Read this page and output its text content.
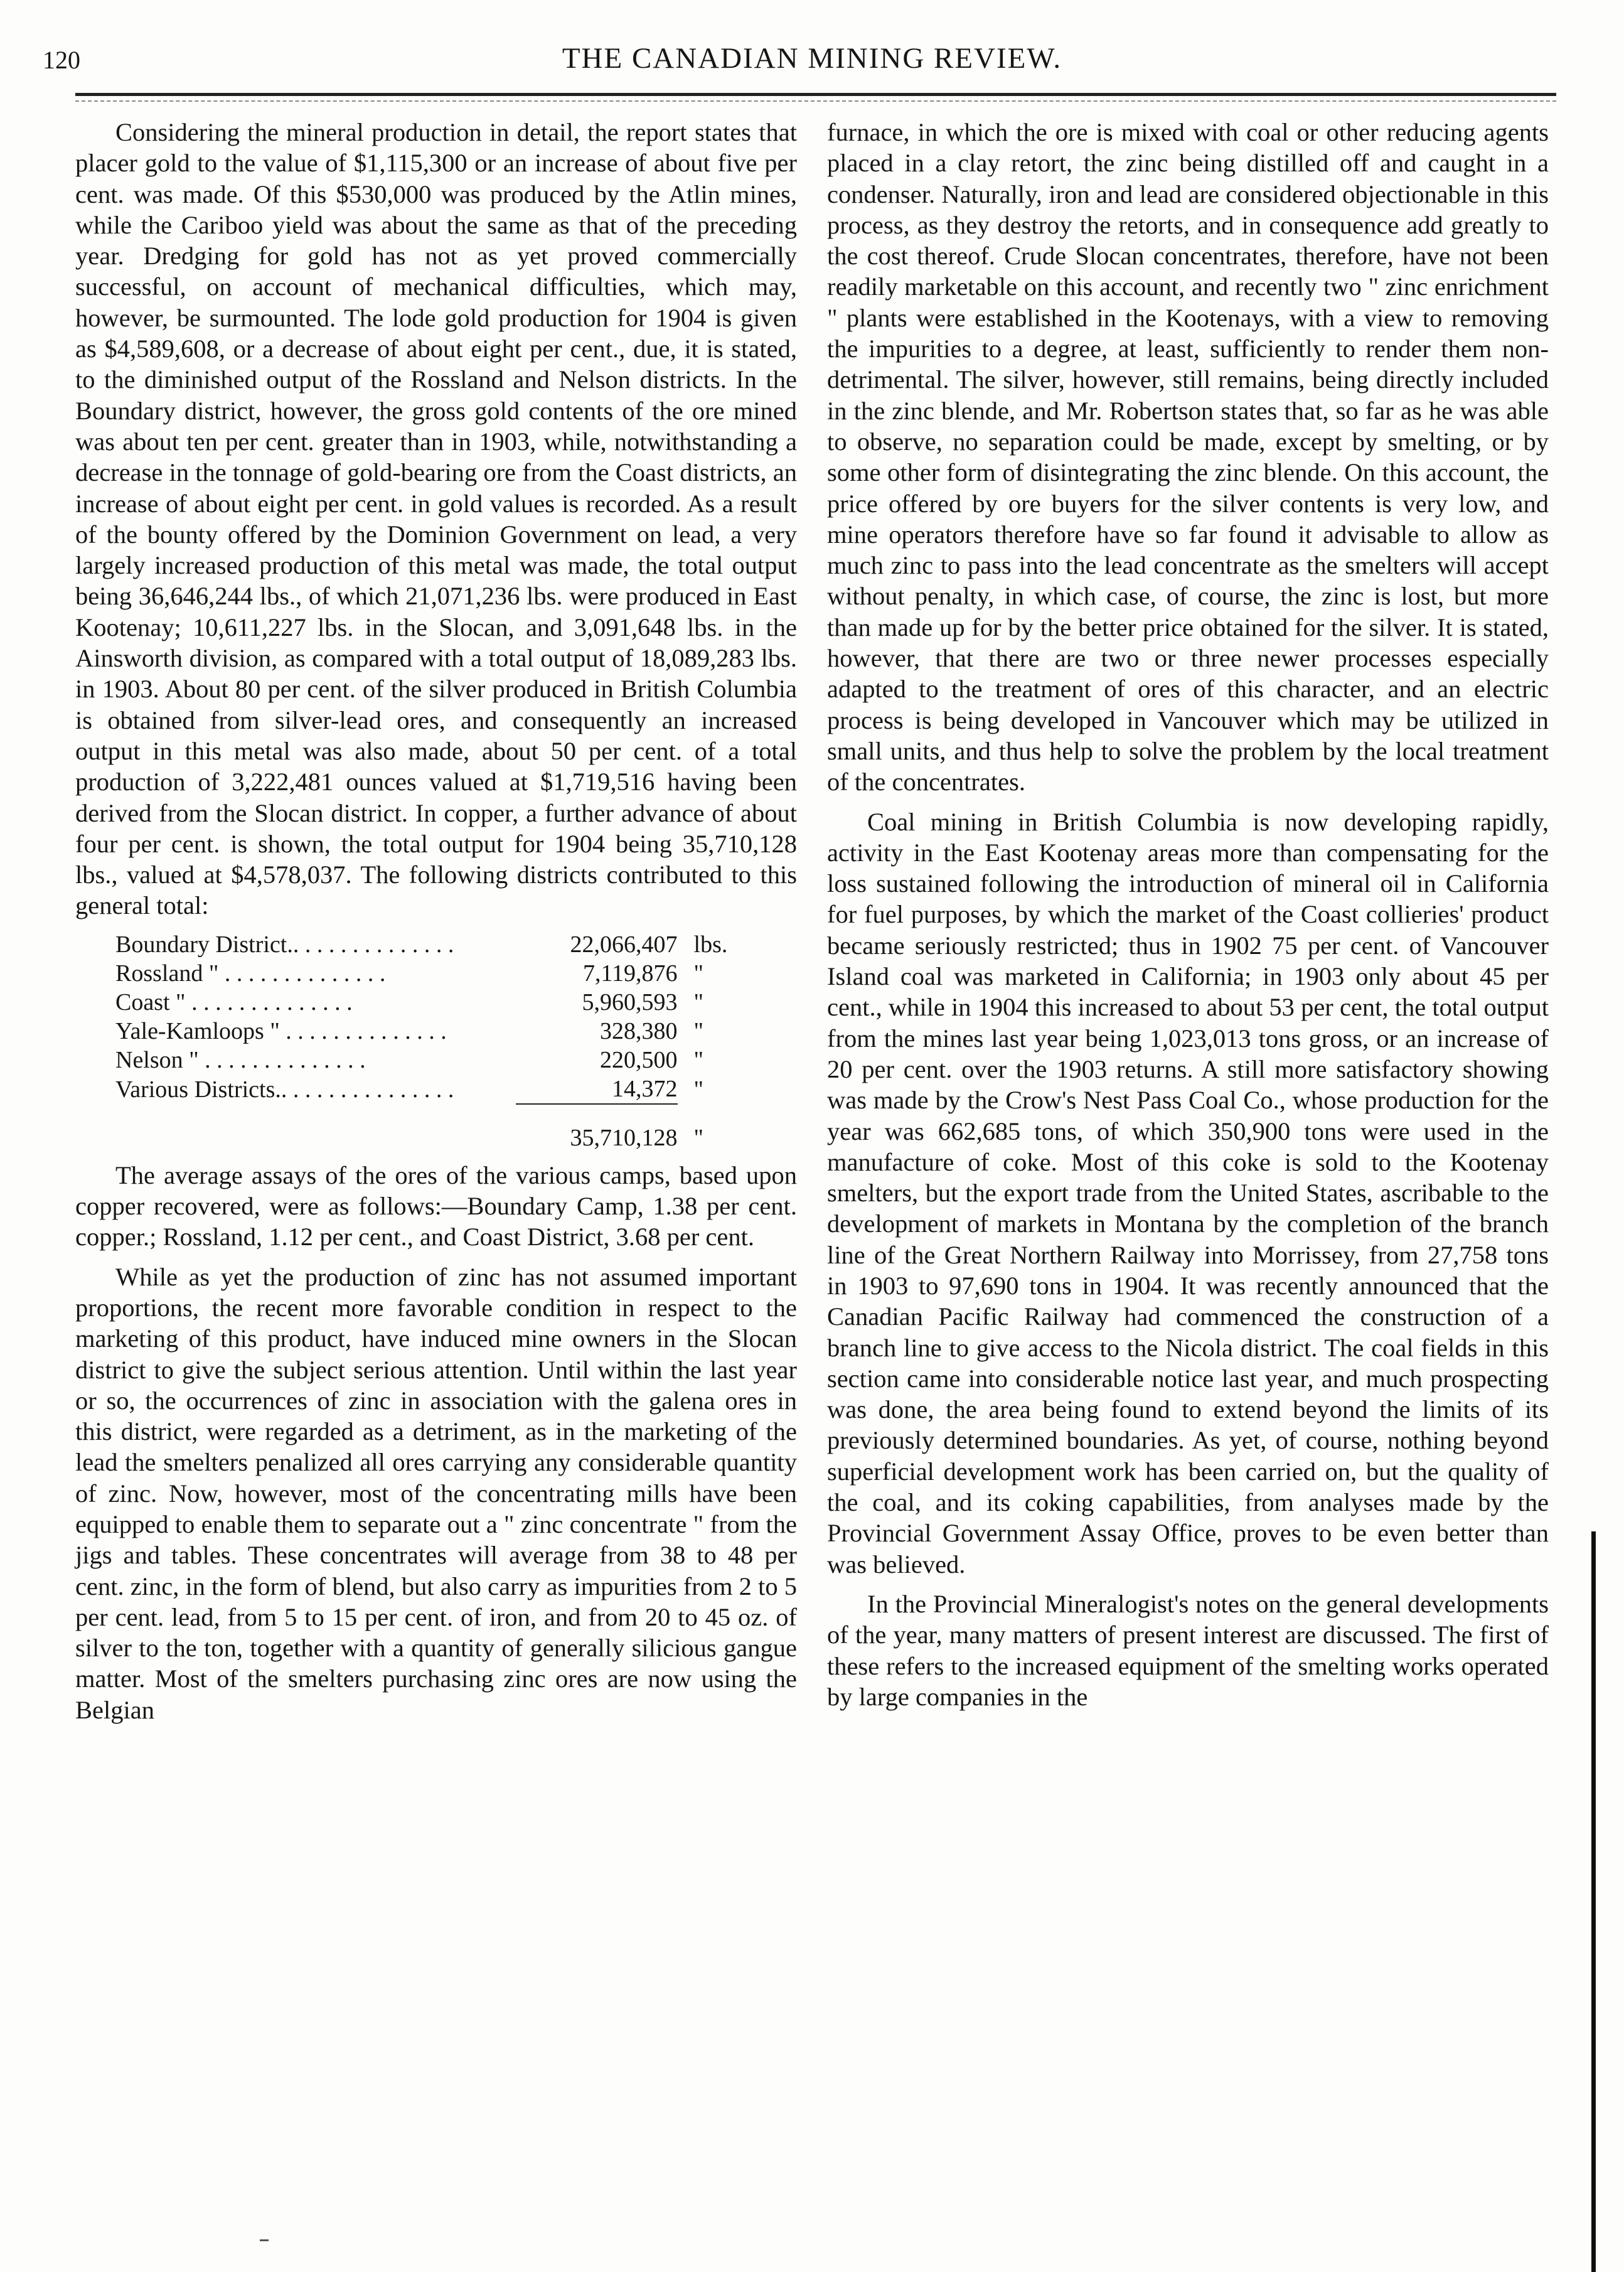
120	THE CANADIAN MINING REVIEW.

Considering the mineral production in detail, the report states that placer gold to the value of $1,115,300 or an increase of about five per cent. was made. Of this $530,000 was produced by the Atlin mines, while the Cariboo yield was about the same as that of the preceding year. Dredging for gold has not as yet proved commercially successful, on account of mechanical difficulties, which may, however, be surmounted. The lode gold production for 1904 is given as $4,589,608, or a decrease of about eight per cent., due, it is stated, to the diminished output of the Rossland and Nelson districts. In the Boundary district, however, the gross gold contents of the ore mined was about ten per cent. greater than in 1903, while, notwithstanding a decrease in the tonnage of gold-bearing ore from the Coast districts, an increase of about eight per cent. in gold values is recorded. As a result of the bounty offered by the Dominion Government on lead, a very largely increased production of this metal was made, the total output being 36,646,244 lbs., of which 21,071,236 lbs. were produced in East Kootenay; 10,611,227 lbs. in the Slocan, and 3,091,648 lbs. in the Ainsworth division, as compared with a total output of 18,089,283 lbs. in 1903. About 80 per cent. of the silver produced in British Columbia is obtained from silver-lead ores, and consequently an increased output in this metal was also made, about 50 per cent. of a total production of 3,222,481 ounces valued at $1,719,516 having been derived from the Slocan district. In copper, a further advance of about four per cent. is shown, the total output for 1904 being 35,710,128 lbs., valued at $4,578,037. The following districts contributed to this general total:

Boundary District.. . . . . . . . . . . . . .	22,066,407	lbs.
Rossland " . . . . . . . . . . . . . .	7,119,876	"
Coast " . . . . . . . . . . . . . .	5,960,593	"
Yale-Kamloops " . . . . . . . . . . . . . .	328,380	"
Nelson " . . . . . . . . . . . . . .	220,500	"
Various Districts.. . . . . . . . . . . . . . .	14,372	"
	35,710,128	"

The average assays of the ores of the various camps, based upon copper recovered, were as follows:—Boundary Camp, 1.38 per cent. copper.; Rossland, 1.12 per cent., and Coast District, 3.68 per cent.

While as yet the production of zinc has not assumed important proportions, the recent more favorable condition in respect to the marketing of this product, have induced mine owners in the Slocan district to give the subject serious attention. Until within the last year or so, the occurrences of zinc in association with the galena ores in this district, were regarded as a detriment, as in the marketing of the lead the smelters penalized all ores carrying any considerable quantity of zinc. Now, however, most of the concentrating mills have been equipped to enable them to separate out a " zinc concentrate " from the jigs and tables. These concentrates will average from 38 to 48 per cent. zinc, in the form of blend, but also carry as impurities from 2 to 5 per cent. lead, from 5 to 15 per cent. of iron, and from 20 to 45 oz. of silver to the ton, together with a quantity of generally silicious gangue matter. Most of the smelters purchasing zinc ores are now using the Belgian

furnace, in which the ore is mixed with coal or other reducing agents placed in a clay retort, the zinc being distilled off and caught in a condenser. Naturally, iron and lead are considered objectionable in this process, as they destroy the retorts, and in consequence add greatly to the cost thereof. Crude Slocan concentrates, therefore, have not been readily marketable on this account, and recently two " zinc enrichment " plants were established in the Kootenays, with a view to removing the impurities to a degree, at least, sufficiently to render them non-detrimental. The silver, however, still remains, being directly included in the zinc blende, and Mr. Robertson states that, so far as he was able to observe, no separation could be made, except by smelting, or by some other form of disintegrating the zinc blende. On this account, the price offered by ore buyers for the silver contents is very low, and mine operators therefore have so far found it advisable to allow as much zinc to pass into the lead concentrate as the smelters will accept without penalty, in which case, of course, the zinc is lost, but more than made up for by the better price obtained for the silver. It is stated, however, that there are two or three newer processes especially adapted to the treatment of ores of this character, and an electric process is being developed in Vancouver which may be utilized in small units, and thus help to solve the problem by the local treatment of the concentrates.

Coal mining in British Columbia is now developing rapidly, activity in the East Kootenay areas more than compensating for the loss sustained following the introduction of mineral oil in California for fuel purposes, by which the market of the Coast collieries' product became seriously restricted; thus in 1902 75 per cent. of Vancouver Island coal was marketed in California; in 1903 only about 45 per cent., while in 1904 this increased to about 53 per cent, the total output from the mines last year being 1,023,013 tons gross, or an increase of 20 per cent. over the 1903 returns. A still more satisfactory showing was made by the Crow's Nest Pass Coal Co., whose production for the year was 662,685 tons, of which 350,900 tons were used in the manufacture of coke. Most of this coke is sold to the Kootenay smelters, but the export trade from the United States, ascribable to the development of markets in Montana by the completion of the branch line of the Great Northern Railway into Morrissey, from 27,758 tons in 1903 to 97,690 tons in 1904. It was recently announced that the Canadian Pacific Railway had commenced the construction of a branch line to give access to the Nicola district. The coal fields in this section came into considerable notice last year, and much prospecting was done, the area being found to extend beyond the limits of its previously determined boundaries. As yet, of course, nothing beyond superficial development work has been carried on, but the quality of the coal, and its coking capabilities, from analyses made by the Provincial Government Assay Office, proves to be even better than was believed.

In the Provincial Mineralogist's notes on the general developments of the year, many matters of present interest are discussed. The first of these refers to the increased equipment of the smelting works operated by large companies in the
